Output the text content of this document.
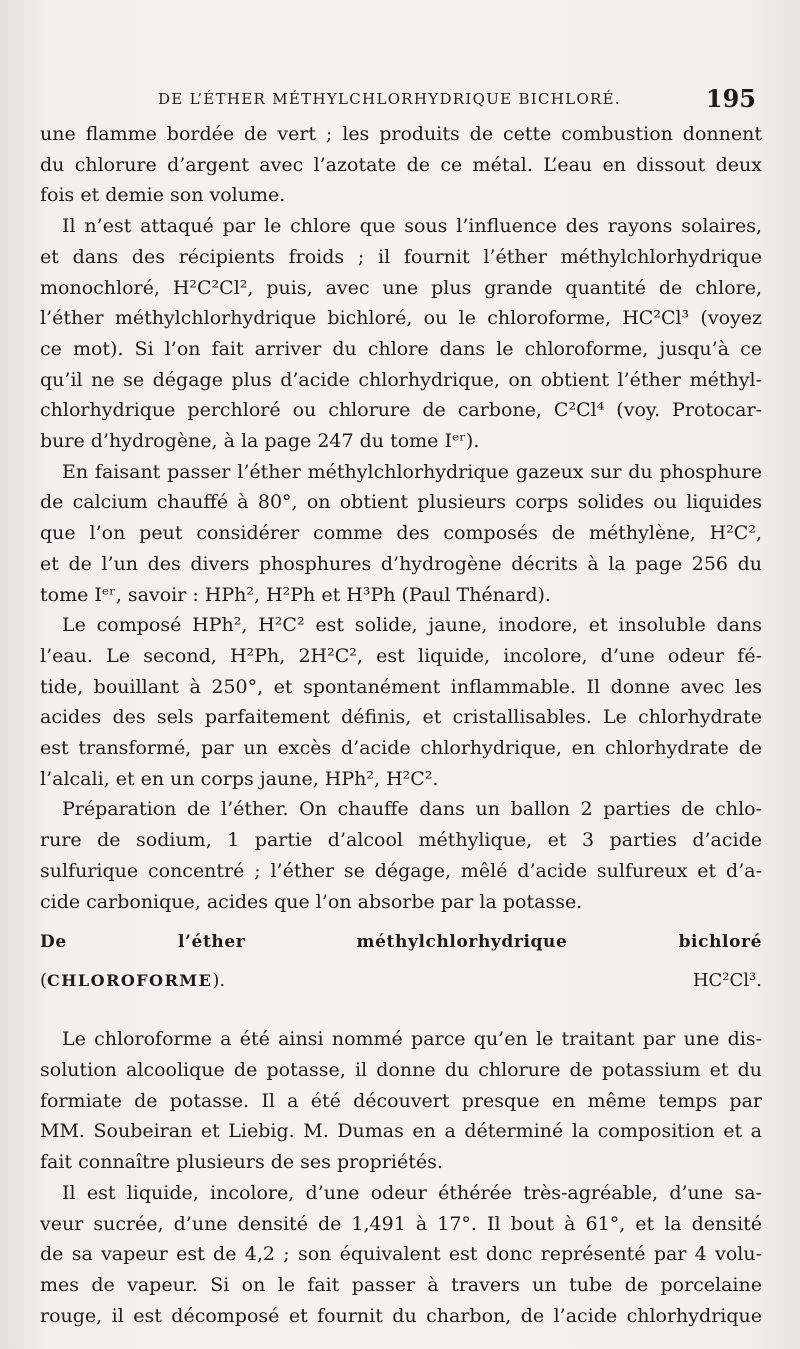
DE L’ÉTHER MÉTHYLCHLORHYDRIQUE BICHLORÉ.	195

une flamme bordée de vert ; les produits de cette combustion donnent

du chlorure d’argent avec l’azotate de ce métal. L’eau en dissout deux

fois et demie son volume.

Il n’est attaqué par le chlore que sous l’influence des rayons solaires,

et dans des récipients froids ; il fournit l’éther méthylchlorhydrique

monochloré, H²C²Cl², puis, avec une plus grande quantité de chlore,

l’éther méthylchlorhydrique bichloré, ou le chloroforme, HC²Cl³ (voyez

ce mot). Si l’on fait arriver du chlore dans le chloroforme, jusqu’à ce

qu’il ne se dégage plus d’acide chlorhydrique, on obtient l’éther méthyl-

chlorhydrique perchloré ou chlorure de carbone, C²Cl⁴ (voy. Protocar-

bure d’hydrogène, à la page 247 du tome Iᵉʳ).

En faisant passer l’éther méthylchlorhydrique gazeux sur du phosphure

de calcium chauffé à 80°, on obtient plusieurs corps solides ou liquides

que l’on peut considérer comme des composés de méthylène, H²C²,

et de l’un des divers phosphures d’hydrogène décrits à la page 256 du

tome Iᵉʳ, savoir : HPh², H²Ph et H³Ph (Paul Thénard).

Le composé HPh², H²C² est solide, jaune, inodore, et insoluble dans

l’eau. Le second, H²Ph, 2H²C², est liquide, incolore, d’une odeur fé-

tide, bouillant à 250°, et spontanément inflammable. Il donne avec les

acides des sels parfaitement définis, et cristallisables. Le chlorhydrate

est transformé, par un excès d’acide chlorhydrique, en chlorhydrate de

l’alcali, et en un corps jaune, HPh², H²C².

Préparation de l’éther. On chauffe dans un ballon 2 parties de chlo-

rure de sodium, 1 partie d’alcool méthylique, et 3 parties d’acide

sulfurique concentré ; l’éther se dégage, mêlé d’acide sulfureux et d’a-

cide carbonique, acides que l’on absorbe par la potasse.

De l’éther méthylchlorhydrique bichloré

(CHLOROFORME). HC²Cl³.

Le chloroforme a été ainsi nommé parce qu’en le traitant par une dis-

solution alcoolique de potasse, il donne du chlorure de potassium et du

formiate de potasse. Il a été découvert presque en même temps par

MM. Soubeiran et Liebig. M. Dumas en a déterminé la composition et a

fait connaître plusieurs de ses propriétés.

Il est liquide, incolore, d’une odeur éthérée très-agréable, d’une sa-

veur sucrée, d’une densité de 1,491 à 17°. Il bout à 61°, et la densité

de sa vapeur est de 4,2 ; son équivalent est donc représenté par 4 volu-

mes de vapeur. Si on le fait passer à travers un tube de porcelaine

rouge, il est décomposé et fournit du charbon, de l’acide chlorhydrique
